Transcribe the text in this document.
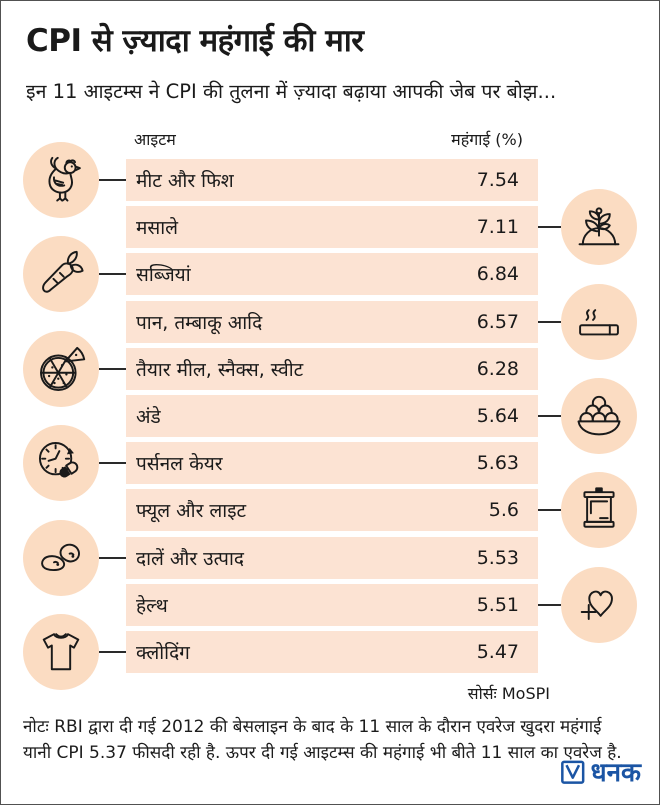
CPI से ज़्यादा महंगाई की मार

इन 11 आइटम्स ने CPI की तुलना में ज़्यादा बढ़ाया आपकी जेब पर बोझ...

आइटम	महंगाई (%)
मीट और फिश	7.54
मसाले	7.11
सब्जियां	6.84
पान, तम्बाकू आदि	6.57
तैयार मील, स्नैक्स, स्वीट	6.28
अंडे	5.64
पर्सनल केयर	5.63
फ्यूल और लाइट	5.6
दालें और उत्पाद	5.53
हेल्थ	5.51
क्लोदिंग	5.47
सोर्सः MoSPI

नोटः RBI द्वारा दी गई 2012 की बेसलाइन के बाद के 11 साल के दौरान एवरेज खुदरा महंगाई यानी CPI 5.37 फीसदी रही है. ऊपर दी गई आइटम्स की महंगाई भी बीते 11 साल का एवरेज है.

धनक
